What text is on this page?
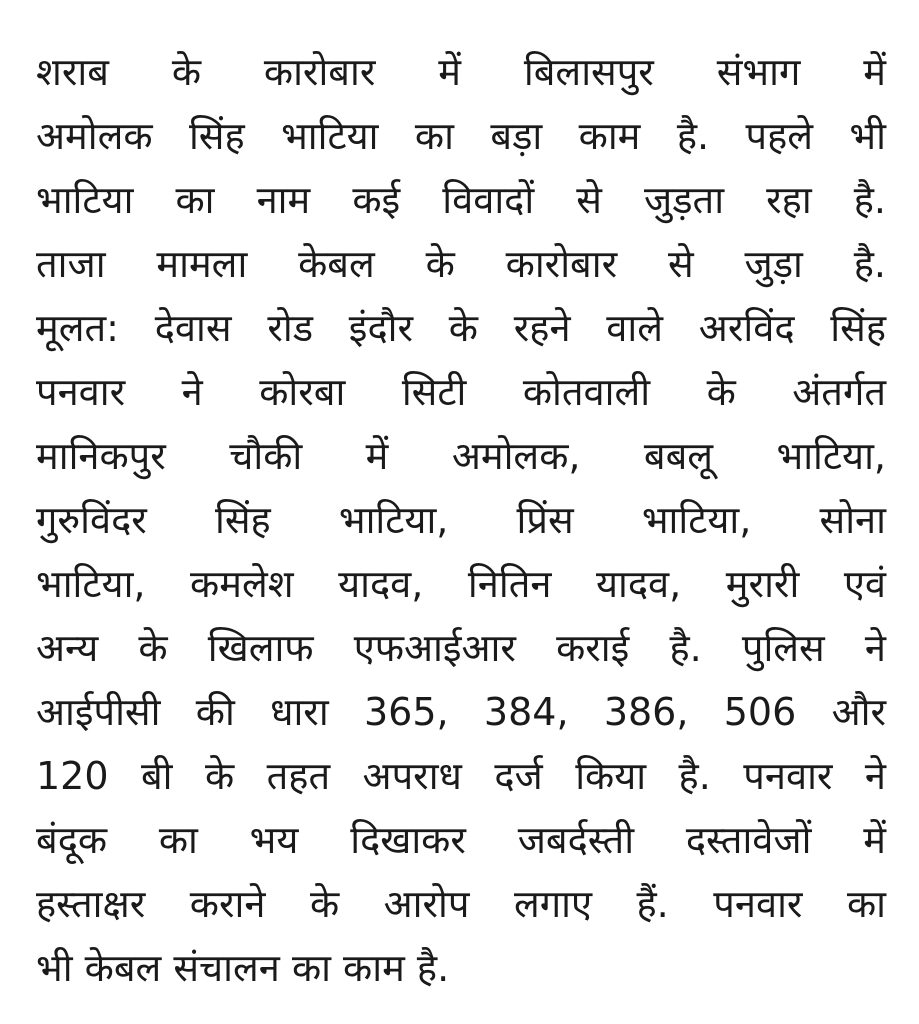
शराब के कारोबार में बिलासपुर संभाग में
अमोलक सिंह भाटिया का बड़ा काम है. पहले भी
भाटिया का नाम कई विवादों से जुड़ता रहा है.
ताजा मामला केबल के कारोबार से जुड़ा है.
मूलत: देवास रोड इंदौर के रहने वाले अरविंद सिंह
पनवार ने कोरबा सिटी कोतवाली के अंतर्गत
मानिकपुर चौकी में अमोलक, बबलू भाटिया,
गुरुविंदर सिंह भाटिया, प्रिंस भाटिया, सोना
भाटिया, कमलेश यादव, नितिन यादव, मुरारी एवं
अन्य के खिलाफ एफआईआर कराई है. पुलिस ने
आईपीसी की धारा 365, 384, 386, 506 और
120 बी के तहत अपराध दर्ज किया है. पनवार ने
बंदूक का भय दिखाकर जबर्दस्ती दस्तावेजों में
हस्ताक्षर कराने के आरोप लगाए हैं. पनवार का
भी केबल संचालन का काम है.
